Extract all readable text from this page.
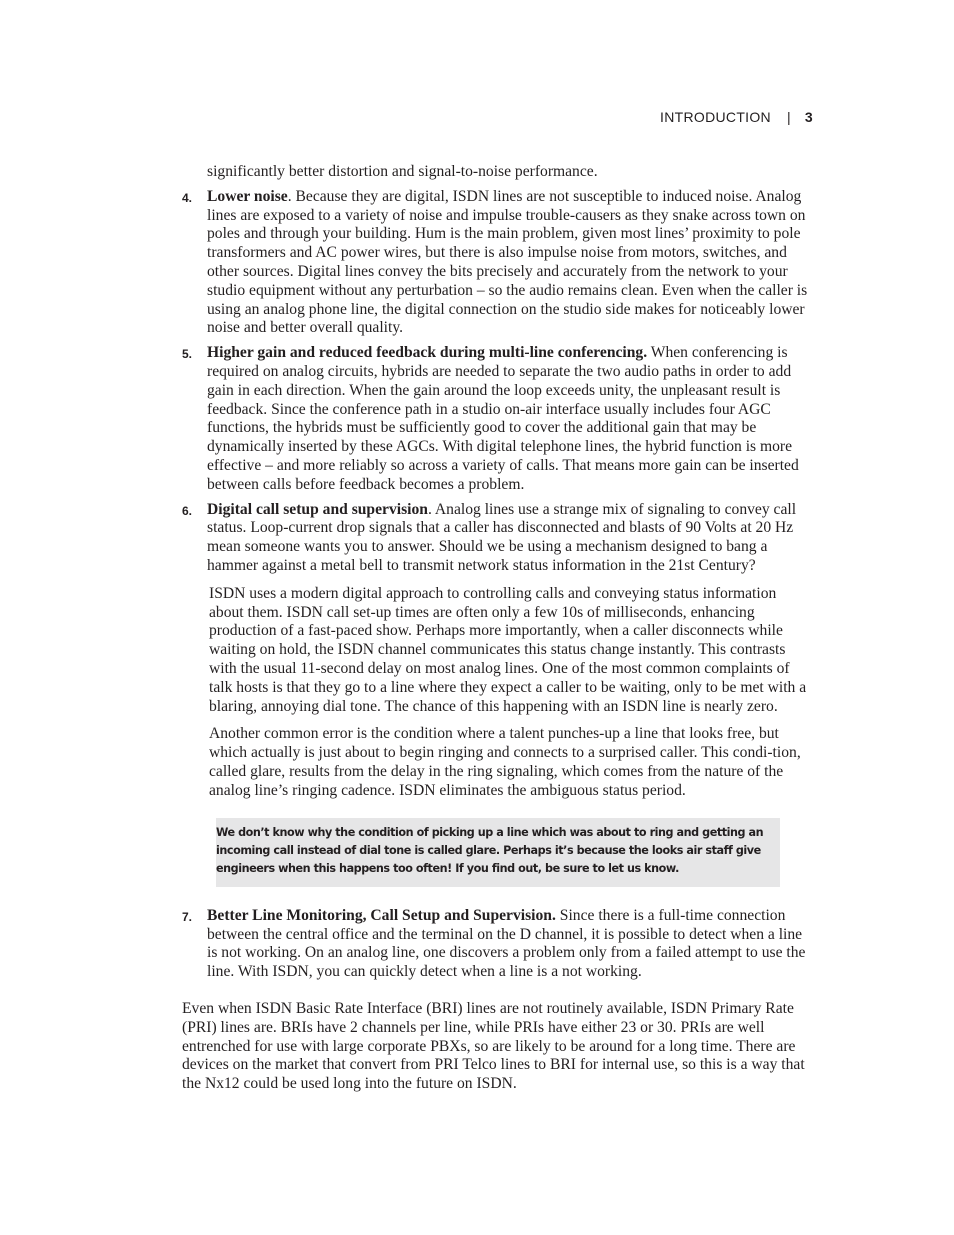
INTRODUCTION | 3

significantly better distortion and signal-to-noise performance.

4. Lower noise. Because they are digital, ISDN lines are not susceptible to induced noise. Analog lines are exposed to a variety of noise and impulse trouble-causers as they snake across town on poles and through your building. Hum is the main problem, given most lines’ proximity to pole transformers and AC power wires, but there is also impulse noise from motors, switches, and other sources. Digital lines convey the bits precisely and accurately from the network to your studio equipment without any perturbation – so the audio remains clean. Even when the caller is using an analog phone line, the digital connection on the studio side makes for noticeably lower noise and better overall quality.

5. Higher gain and reduced feedback during multi-line conferencing. When conferencing is required on analog circuits, hybrids are needed to separate the two audio paths in order to add gain in each direction. When the gain around the loop exceeds unity, the unpleasant result is feedback. Since the conference path in a studio on-air interface usually includes four AGC functions, the hybrids must be sufficiently good to cover the additional gain that may be dynamically inserted by these AGCs. With digital telephone lines, the hybrid function is more effective – and more reliably so across a variety of calls. That means more gain can be inserted between calls before feedback becomes a problem.

6. Digital call setup and supervision. Analog lines use a strange mix of signaling to convey call status. Loop-current drop signals that a caller has disconnected and blasts of 90 Volts at 20 Hz mean someone wants you to answer. Should we be using a mechanism designed to bang a hammer against a metal bell to transmit network status information in the 21st Century?

ISDN uses a modern digital approach to controlling calls and conveying status information about them. ISDN call set-up times are often only a few 10s of milliseconds, enhancing production of a fast-paced show. Perhaps more importantly, when a caller disconnects while waiting on hold, the ISDN channel communicates this status change instantly. This contrasts with the usual 11-second delay on most analog lines. One of the most common complaints of talk hosts is that they go to a line where they expect a caller to be waiting, only to be met with a blaring, annoying dial tone. The chance of this happening with an ISDN line is nearly zero.

Another common error is the condition where a talent punches-up a line that looks free, but which actually is just about to begin ringing and connects to a surprised caller. This condi-tion, called glare, results from the delay in the ring signaling, which comes from the nature of the analog line’s ringing cadence. ISDN eliminates the ambiguous status period.

We don’t know why the condition of picking up a line which was about to ring and getting an incoming call instead of dial tone is called glare. Perhaps it’s because the looks air staff give engineers when this happens too often! If you find out, be sure to let us know.
7. Better Line Monitoring, Call Setup and Supervision. Since there is a full-time connection between the central office and the terminal on the D channel, it is possible to detect when a line is not working. On an analog line, one discovers a problem only from a failed attempt to use the line. With ISDN, you can quickly detect when a line is a not working.

Even when ISDN Basic Rate Interface (BRI) lines are not routinely available, ISDN Primary Rate (PRI) lines are. BRIs have 2 channels per line, while PRIs have either 23 or 30. PRIs are well entrenched for use with large corporate PBXs, so are likely to be around for a long time. There are devices on the market that convert from PRI Telco lines to BRI for internal use, so this is a way that the Nx12 could be used long into the future on ISDN.
